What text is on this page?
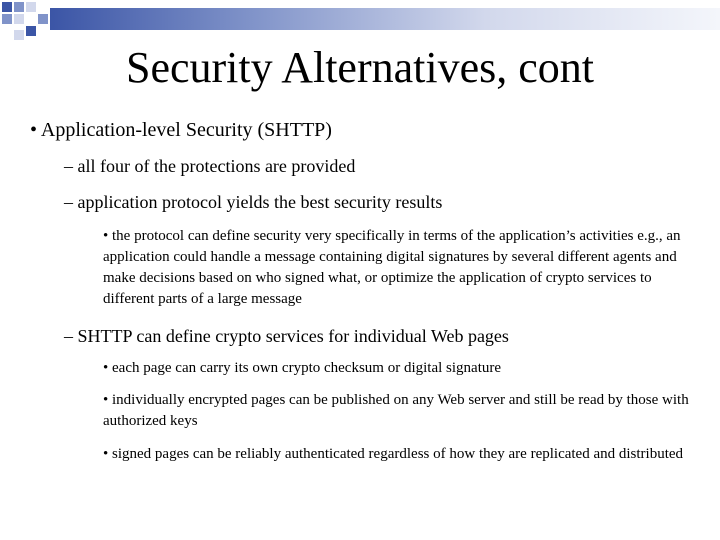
Security Alternatives, cont
• Application-level Security (SHTTP)
– all four of the protections are provided
– application protocol yields the best security results
• the protocol can define security very specifically in terms of the application’s activities e.g., an application could handle a message containing digital signatures by several different agents and make decisions based on who signed what, or optimize the application of crypto services to different parts of a large message
– SHTTP can define crypto services for individual Web pages
• each page can carry its own crypto checksum or digital signature
• individually encrypted pages can be published on any Web server and still be read by those with authorized keys
• signed pages can be reliably authenticated regardless of how they are replicated and distributed
